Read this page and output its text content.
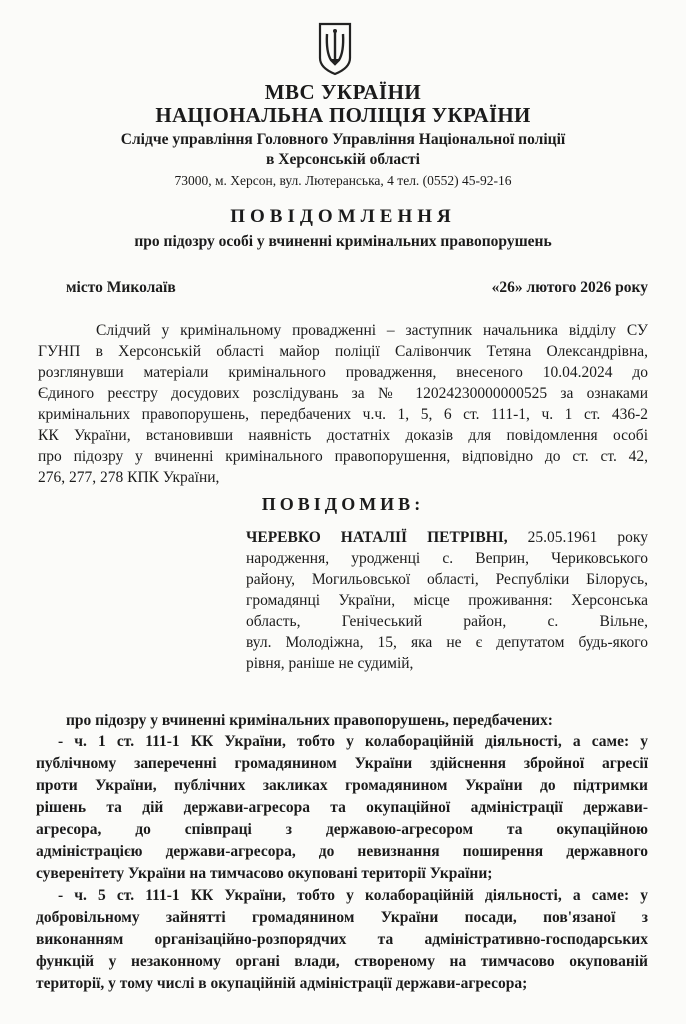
МВС УКРАЇНИ
НАЦІОНАЛЬНА ПОЛІЦІЯ УКРАЇНИ
Слідче управління Головного Управління Національної поліції
в Херсонській області
73000, м. Херсон, вул. Лютеранська, 4 тел. (0552) 45-92-16
ПОВІДОМЛЕННЯ
про підозру особі у вчиненні кримінальних правопорушень
місто Миколаїв	«26» лютого 2026 року
Слідчий у кримінальному провадженні – заступник начальника відділу СУ
ГУНП в Херсонській області майор поліції Салівончик Тетяна Олександрівна,
розглянувши матеріали кримінального провадження, внесеного 10.04.2024 до
Єдиного реєстру досудових розслідувань за № 12024230000000525 за ознаками
кримінальних правопорушень, передбачених ч.ч. 1, 5, 6 ст. 111-1, ч. 1 ст. 436-2
КК України, встановивши наявність достатніх доказів для повідомлення особі
про підозру у вчиненні кримінального правопорушення, відповідно до ст. ст. 42,
276, 277, 278 КПК України,
ПОВІДОМИВ:
ЧЕРЕВКО НАТАЛІЇ ПЕТРІВНІ, 25.05.1961 року
народження, уродженці с. Веприн, Чериковського
району, Могильовської області, Республіки Білорусь,
громадянці України, місце проживання: Херсонська
область, Генічеський район, с. Вільне,
вул. Молодіжна, 15, яка не є депутатом будь-якого
рівня, раніше не судимій,
про підозру у вчиненні кримінальних правопорушень, передбачених:
- ч. 1 ст. 111-1 КК України, тобто у колабораційній діяльності, а саме: у
публічному запереченні громадянином України здійснення збройної агресії
проти України, публічних закликах громадянином України до підтримки
рішень та дій держави-агресора та окупаційної адміністрації держави-
агресора, до співпраці з державою-агресором та окупаційною
адміністрацією держави-агресора, до невизнання поширення державного
суверенітету України на тимчасово окуповані території України;
- ч. 5 ст. 111-1 КК України, тобто у колабораційній діяльності, а саме: у
добровільному зайнятті громадянином України посади, пов'язаної з
виконанням організаційно-розпорядчих та адміністративно-господарських
функцій у незаконному органі влади, створеному на тимчасово окупованій
території, у тому числі в окупаційній адміністрації держави-агресора;
